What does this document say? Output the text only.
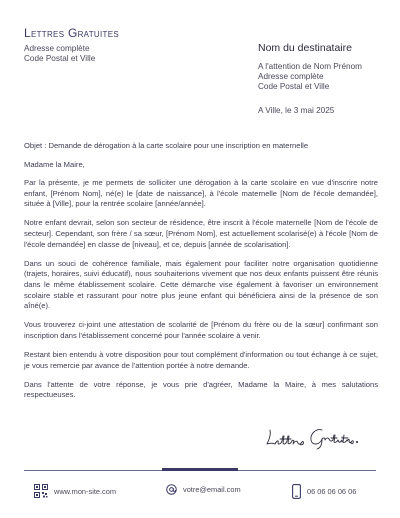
Lettres Gratuites
Adresse complète
Code Postal et Ville
Nom du destinataire
A l'attention de Nom Prénom
Adresse complète
Code Postal et Ville
A Ville, le 3 mai 2025

Objet : Demande de dérogation à la carte scolaire pour une inscription en maternelle

Madame la Maire,

Par la présente, je me permets de solliciter une dérogation à la carte scolaire en vue d'inscrire notre enfant, [Prénom Nom], né(e) le [date de naissance], à l'école maternelle [Nom de l'école demandée], située à [Ville], pour la rentrée scolaire [année/année].

Notre enfant devrait, selon son secteur de résidence, être inscrit à l'école maternelle [Nom de l'école de secteur]. Cependant, son frère / sa sœur, [Prénom Nom], est actuellement scolarisé(e) à l'école [Nom de l'école demandée] en classe de [niveau], et ce, depuis [année de scolarisation].

Dans un souci de cohérence familiale, mais également pour faciliter notre organisation quotidienne (trajets, horaires, suivi éducatif), nous souhaiterions vivement que nos deux enfants puissent être réunis dans le même établissement scolaire. Cette démarche vise également à favoriser un environnement scolaire stable et rassurant pour notre plus jeune enfant qui bénéficiera ainsi de la présence de son aîné(e).

Vous trouverez ci-joint une attestation de scolarité de [Prénom du frère ou de la sœur] confirmant son inscription dans l'établissement concerné pour l'année scolaire à venir.

Restant bien entendu à votre disposition pour tout complément d'information ou tout échange à ce sujet, je vous remercie par avance de l'attention portée à notre demande.

Dans l'attente de votre réponse, je vous prie d'agréer, Madame la Maire, à mes salutations respectueuses.

www.mon-site.com	votre@email.com	06 06 06 06 06
